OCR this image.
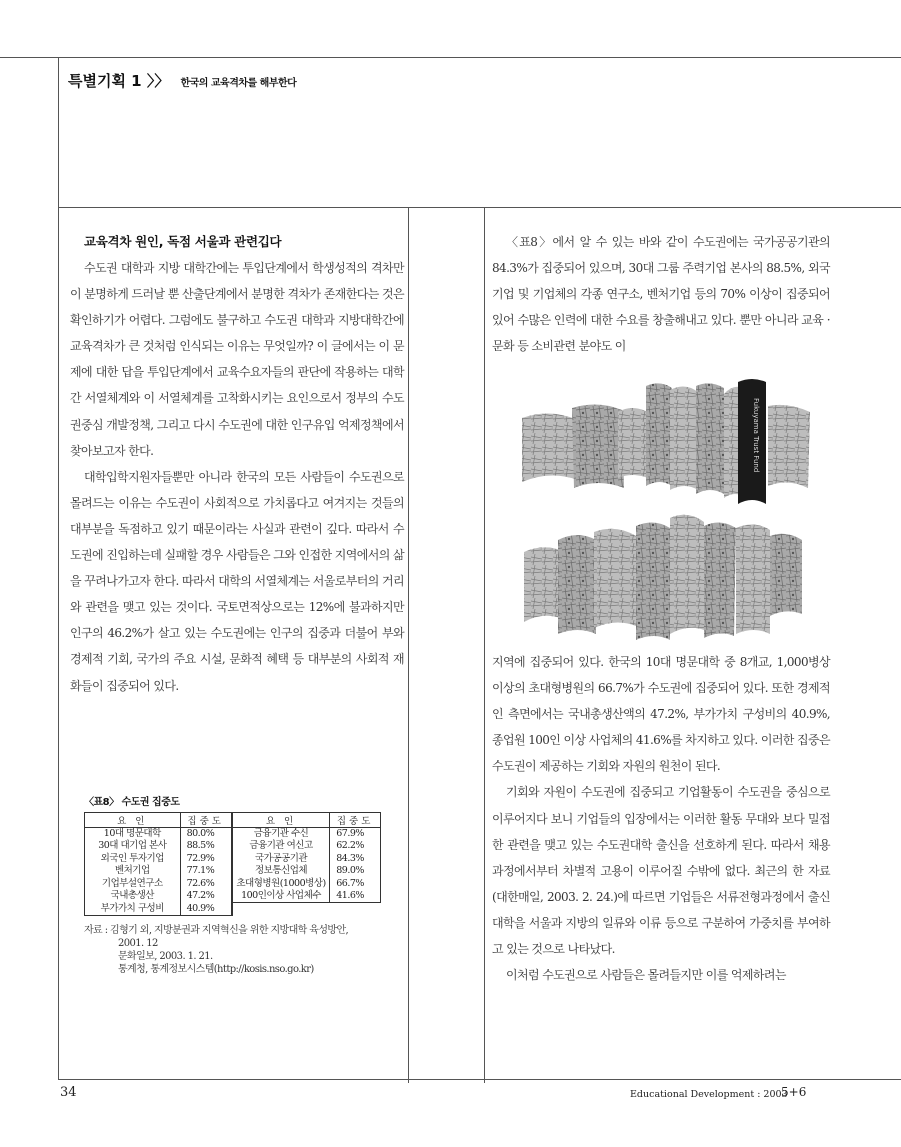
특별기획 1 〉〉 한국의 교육격차를 해부한다
교육격차 원인, 독점 서울과 관련깁다

수도권 대학과 지방 대학간에는 투입단계에서 학생성적의 격차만이 분명하게 드러날 뿐 산출단계에서 분명한 격차가 존재한다는 것은 확인하기가 어렵다. 그럼에도 불구하고 수도권 대학과 지방대학간에 교육격차가 큰 것처럼 인식되는 이유는 무엇일까? 이 글에서는 이 문제에 대한 답을 투입단계에서 교육수요자들의 판단에 작용하는 대학간 서열체계와 이 서열체계를 고착화시키는 요인으로서 정부의 수도권중심 개발정책, 그리고 다시 수도권에 대한 인구유입 억제정책에서 찾아보고자 한다.

대학입학지원자들뿐만 아니라 한국의 모든 사람들이 수도권으로 몰려드는 이유는 수도권이 사회적으로 가치롭다고 여겨지는 것들의 대부분을 독점하고 있기 때문이라는 사실과 관련이 깊다. 따라서 수도권에 진입하는데 실패할 경우 사람들은 그와 인접한 지역에서의 삶을 꾸려나가고자 한다. 따라서 대학의 서열체계는 서울로부터의 거리와 관련을 맺고 있는 것이다. 국토면적상으로는 12%에 불과하지만 인구의 46.2%가 살고 있는 수도권에는 인구의 집중과 더불어 부와 경제적 기회, 국가의 주요 시설, 문화적 혜택 등 대부분의 사회적 재화들이 집중되어 있다.

〈표8〉 수도권 집중도
요 인	집중도	요 인	집중도
10대 명문대학	80.0%	금융기관 수신	67.9%
30대 대기업 본사	88.5%	금융기관 여신고	62.2%
외국인 투자기업	72.9%	국가공공기관	84.3%
벤처기업	77.1%	정보통신업체	89.0%
기업부설연구소	72.6%	초대형병원(1000병상)	66.7%
국내총생산	47.2%	100인이상 사업체수	41.6%
부가가치 구성비	40.9%		
자료 : 김형기 외, 지방분권과 지역혁신을 위한 지방대학 육성방안,
2001. 12
문화일보, 2003. 1. 21.
통계청, 통계정보시스템(http://kosis.nso.go.kr)

〈표8〉에서 알 수 있는 바와 같이 수도권에는 국가공공기관의 84.3%가 집중되어 있으며, 30대 그룹 주력기업 본사의 88.5%, 외국기업 및 기업체의 각종 연구소, 벤처기업 등의 70% 이상이 집중되어 있어 수많은 인력에 대한 수요를 창출해내고 있다. 뿐만 아니라 교육 · 문화 등 소비관련 분야도 이

Fukuyama Trust Fund

지역에 집중되어 있다. 한국의 10대 명문대학 중 8개교, 1,000병상 이상의 초대형병원의 66.7%가 수도권에 집중되어 있다. 또한 경제적인 측면에서는 국내총생산액의 47.2%, 부가가치 구성비의 40.9%, 종업원 100인 이상 사업체의 41.6%를 차지하고 있다. 이러한 집중은 수도권이 제공하는 기회와 자원의 원천이 된다.

기회와 자원이 수도권에 집중되고 기업활동이 수도권을 중심으로 이루어지다 보니 기업들의 입장에서는 이러한 활동 무대와 보다 밀접한 관련을 맺고 있는 수도권대학 출신을 선호하게 된다. 따라서 채용과정에서부터 차별적 고용이 이루어질 수밖에 없다. 최근의 한 자료(대한매일, 2003. 2. 24.)에 따르면 기업들은 서류전형과정에서 출신대학을 서울과 지방의 일류와 이류 등으로 구분하여 가중치를 부여하고 있는 것으로 나타났다.

이처럼 수도권으로 사람들은 몰려들지만 이를 억제하려는

34	Educational Development : 2003
5+6
